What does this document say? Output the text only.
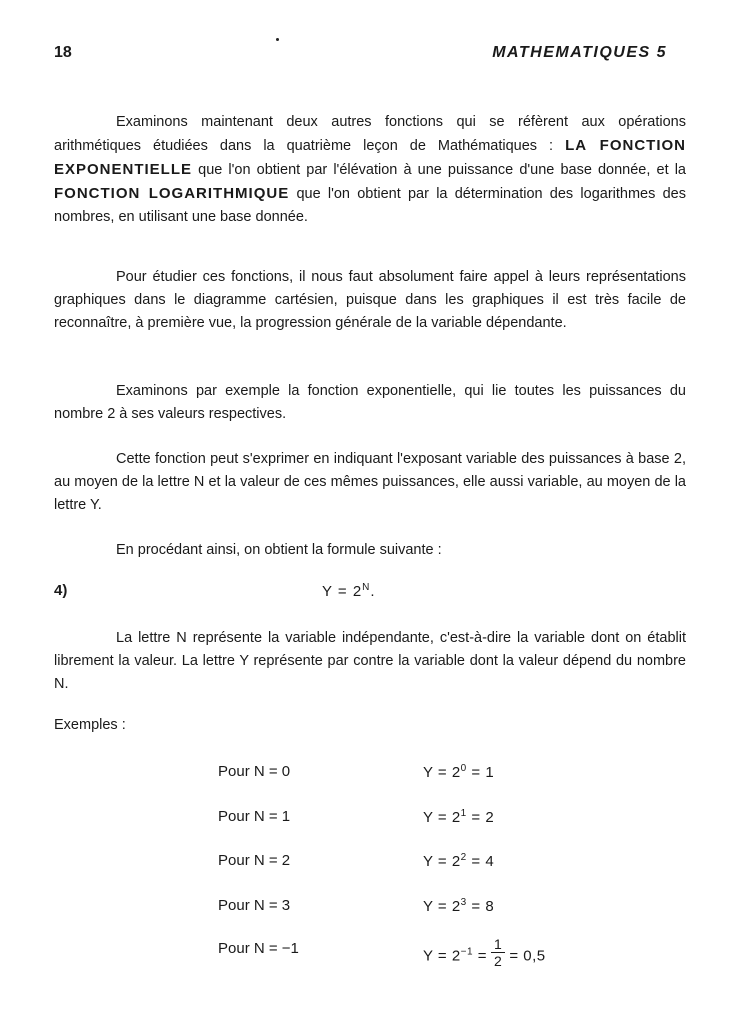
18	MATHEMATIQUES 5

Examinons maintenant deux autres fonctions qui se réfèrent aux opérations arithmétiques étudiées dans la quatrième leçon de Mathématiques : LA FONCTION EXPONENTIELLE que l'on obtient par l'élévation à une puissance d'une base donnée, et la FONCTION LOGARITHMIQUE que l'on obtient par la détermination des logarithmes des nombres, en utilisant une base donnée.

Pour étudier ces fonctions, il nous faut absolument faire appel à leurs représentations graphiques dans le diagramme cartésien, puisque dans les graphiques il est très facile de reconnaître, à première vue, la progression générale de la variable dépendante.

Examinons par exemple la fonction exponentielle, qui lie toutes les puissances du nombre 2 à ses valeurs respectives.

Cette fonction peut s'exprimer en indiquant l'exposant variable des puissances à base 2, au moyen de la lettre N et la valeur de ces mêmes puissances, elle aussi variable, au moyen de la lettre Y.

En procédant ainsi, on obtient la formule suivante :

4)	$Y = 2^N$.

La lettre N représente la variable indépendante, c'est-à-dire la variable dont on établit librement la valeur. La lettre Y représente par contre la variable dont la valeur dépend du nombre N.

Exemples :

Pour N = 0	$Y = 2^0 = 1$
Pour N = 1	$Y = 2^1 = 2$
Pour N = 2	$Y = 2^2 = 4$
Pour N = 3	$Y = 2^3 = 8$
Pour N = −1	$Y = 2^{-1} = \frac{1}{2} = 0,5$
